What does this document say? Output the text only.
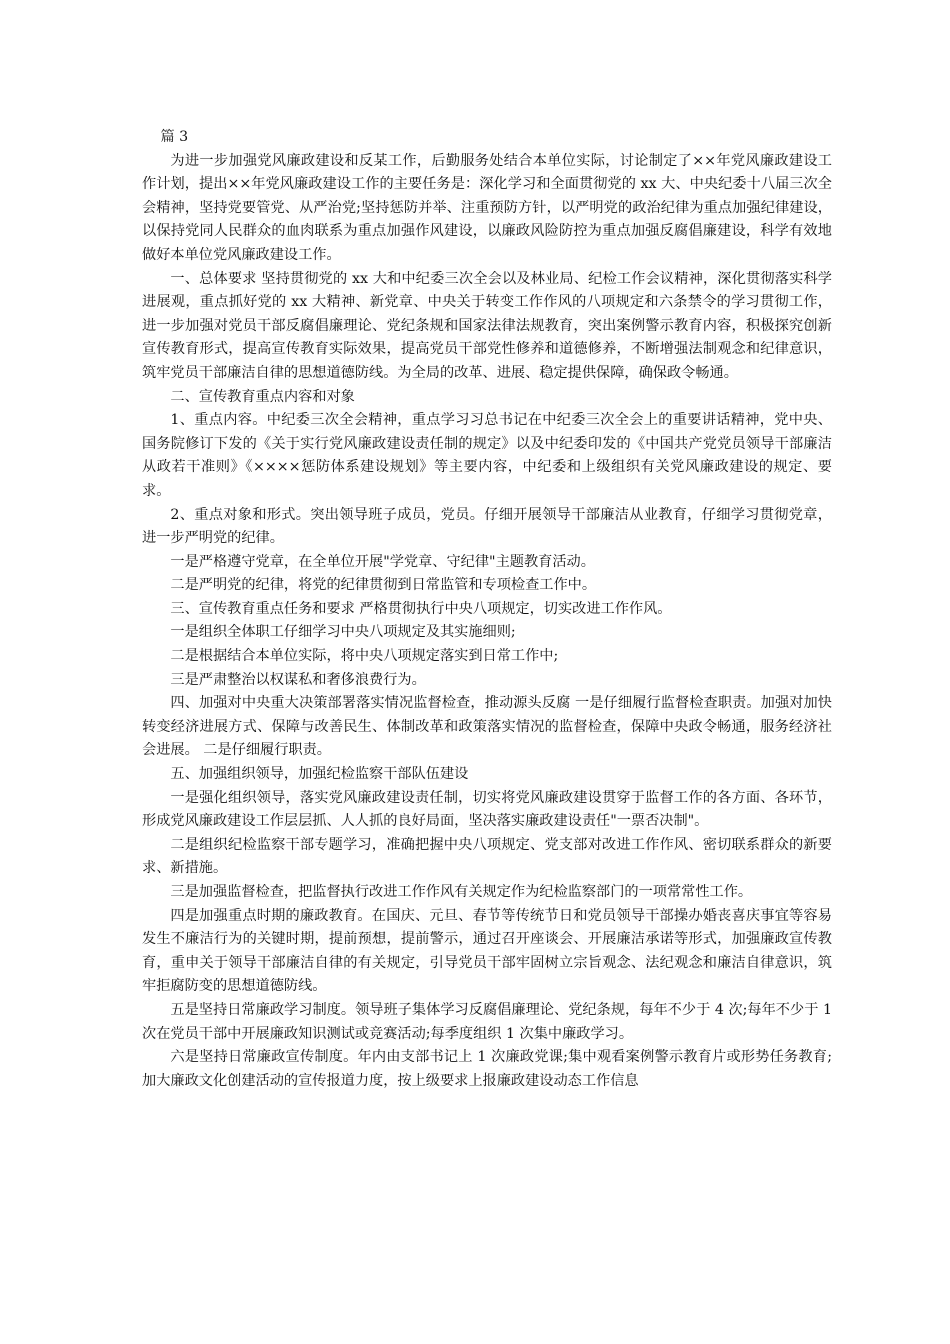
篇 3

为进一步加强党风廉政建设和反某工作，后勤服务处结合本单位实际，讨论制定了××年党风廉政建设工作计划，提出××年党风廉政建设工作的主要任务是：深化学习和全面贯彻党的 xx 大、中央纪委十八届三次全会精神，坚持党要管党、从严治党;坚持惩防并举、注重预防方针，以严明党的政治纪律为重点加强纪律建设，以保持党同人民群众的血肉联系为重点加强作风建设，以廉政风险防控为重点加强反腐倡廉建设，科学有效地做好本单位党风廉政建设工作。

一、总体要求 坚持贯彻党的 xx 大和中纪委三次全会以及林业局、纪检工作会议精神，深化贯彻落实科学进展观，重点抓好党的 xx 大精神、新党章、中央关于转变工作作风的八项规定和六条禁令的学习贯彻工作，进一步加强对党员干部反腐倡廉理论、党纪条规和国家法律法规教育，突出案例警示教育内容，积极探究创新宣传教育形式，提高宣传教育实际效果，提高党员干部党性修养和道德修养，不断增强法制观念和纪律意识，筑牢党员干部廉洁自律的思想道德防线。为全局的改革、进展、稳定提供保障，确保政令畅通。

二、宣传教育重点内容和对象

1、重点内容。中纪委三次全会精神，重点学习习总书记在中纪委三次全会上的重要讲话精神，党中央、国务院修订下发的《关于实行党风廉政建设责任制的规定》以及中纪委印发的《中国共产党党员领导干部廉洁从政若干准则》《××××惩防体系建设规划》等主要内容，中纪委和上级组织有关党风廉政建设的规定、要求。

2、重点对象和形式。突出领导班子成员，党员。仔细开展领导干部廉洁从业教育，仔细学习贯彻党章，进一步严明党的纪律。

一是严格遵守党章，在全单位开展"学党章、守纪律"主题教育活动。

二是严明党的纪律，将党的纪律贯彻到日常监管和专项检查工作中。

三、宣传教育重点任务和要求 严格贯彻执行中央八项规定，切实改进工作作风。

一是组织全体职工仔细学习中央八项规定及其实施细则;

二是根据结合本单位实际，将中央八项规定落实到日常工作中;

三是严肃整治以权谋私和奢侈浪费行为。

四、加强对中央重大决策部署落实情况监督检查，推动源头反腐 一是仔细履行监督检查职责。加强对加快转变经济进展方式、保障与改善民生、体制改革和政策落实情况的监督检查，保障中央政令畅通，服务经济社会进展。 二是仔细履行职责。

五、加强组织领导，加强纪检监察干部队伍建设

一是强化组织领导，落实党风廉政建设责任制，切实将党风廉政建设贯穿于监督工作的各方面、各环节，形成党风廉政建设工作层层抓、人人抓的良好局面，坚决落实廉政建设责任"一票否决制"。

二是组织纪检监察干部专题学习，准确把握中央八项规定、党支部对改进工作作风、密切联系群众的新要求、新措施。

三是加强监督检查，把监督执行改进工作作风有关规定作为纪检监察部门的一项常常性工作。

四是加强重点时期的廉政教育。在国庆、元旦、春节等传统节日和党员领导干部操办婚丧喜庆事宜等容易发生不廉洁行为的关键时期，提前预想，提前警示，通过召开座谈会、开展廉洁承诺等形式，加强廉政宣传教育，重申关于领导干部廉洁自律的有关规定，引导党员干部牢固树立宗旨观念、法纪观念和廉洁自律意识，筑牢拒腐防变的思想道德防线。

五是坚持日常廉政学习制度。领导班子集体学习反腐倡廉理论、党纪条规，每年不少于 4 次;每年不少于 1 次在党员干部中开展廉政知识测试或竞赛活动;每季度组织 1 次集中廉政学习。

六是坚持日常廉政宣传制度。年内由支部书记上 1 次廉政党课;集中观看案例警示教育片或形势任务教育;加大廉政文化创建活动的宣传报道力度，按上级要求上报廉政建设动态工作信息
